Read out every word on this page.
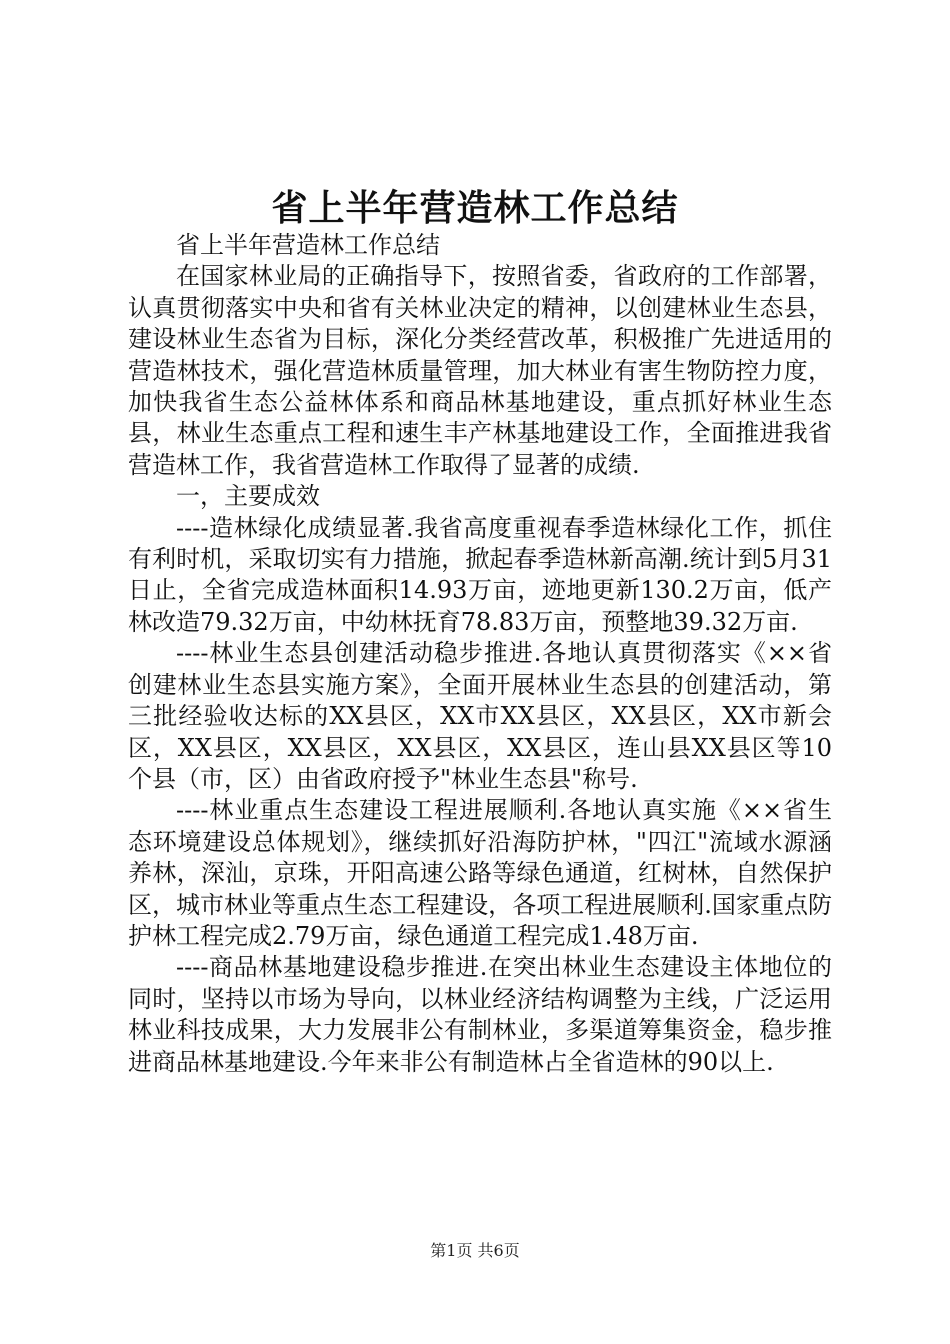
省上半年营造林工作总结

省上半年营造林工作总结

在国家林业局的正确指导下，按照省委，省政府的工作部署，认真贯彻落实中央和省有关林业决定的精神，以创建林业生态县，建设林业生态省为目标，深化分类经营改革，积极推广先进适用的营造林技术，强化营造林质量管理，加大林业有害生物防控力度，加快我省生态公益林体系和商品林基地建设，重点抓好林业生态县，林业生态重点工程和速生丰产林基地建设工作，全面推进我省营造林工作，我省营造林工作取得了显著的成绩.

一，主要成效

----造林绿化成绩显著.我省高度重视春季造林绿化工作，抓住有利时机，采取切实有力措施，掀起春季造林新高潮.统计到5月31日止，全省完成造林面积14.93万亩，迹地更新130.2万亩，低产林改造79.32万亩，中幼林抚育78.83万亩，预整地39.32万亩.

----林业生态县创建活动稳步推进.各地认真贯彻落实《××省创建林业生态县实施方案》，全面开展林业生态县的创建活动，第三批经验收达标的XX县区，XX市XX县区，XX县区，XX市新会区，XX县区，XX县区，XX县区，XX县区，连山县XX县区等10个县（市，区）由省政府授予"林业生态县"称号.

----林业重点生态建设工程进展顺利.各地认真实施《××省生态环境建设总体规划》，继续抓好沿海防护林，"四江"流域水源涵养林，深汕，京珠，开阳高速公路等绿色通道，红树林，自然保护区，城市林业等重点生态工程建设，各项工程进展顺利.国家重点防护林工程完成2.79万亩，绿色通道工程完成1.48万亩.

----商品林基地建设稳步推进.在突出林业生态建设主体地位的同时，坚持以市场为导向，以林业经济结构调整为主线，广泛运用林业科技成果，大力发展非公有制林业，多渠道筹集资金，稳步推进商品林基地建设.今年来非公有制造林占全省造林的90以上.

第1页 共6页
